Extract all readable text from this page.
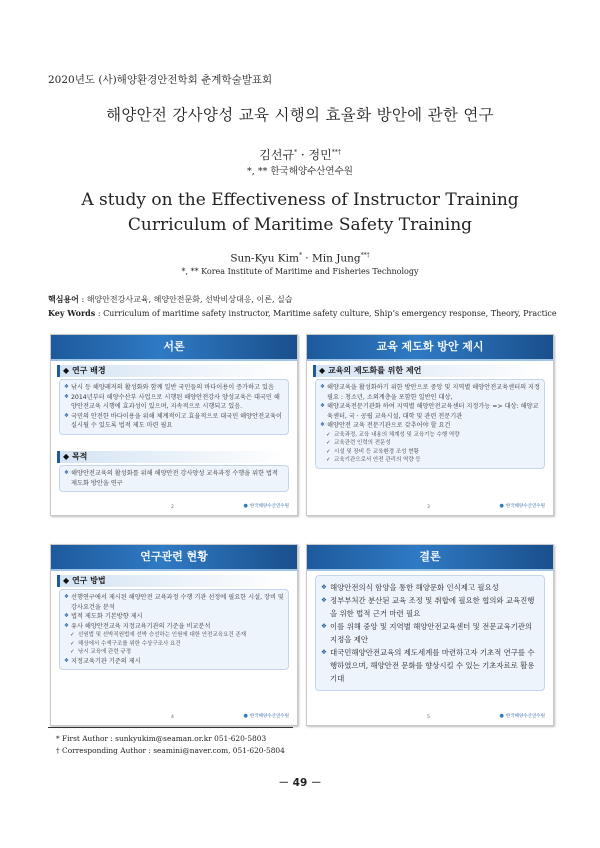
2020년도 (사)해양환경안전학회 춘계학술발표회
해양안전 강사양성 교육 시행의 효율화 방안에 관한 연구
김선규* · 정민**†
*, ** 한국해양수산연수원
A study on the Effectiveness of Instructor Training Curriculum of Maritime Safety Training
Sun-Kyu Kim* · Min Jung**†
*, ** Korea Institute of Maritime and Fisheries Technology
핵심용어 : 해양안전강사교육, 해양안전문화, 선박비상대응, 이론, 실습
Key Words : Curriculum of maritime safety instructor, Maritime safety culture, Ship’s emergency response, Theory, Practice
서론
◆ 연구 배경
❖ 낚시 등 해양레저의 활성화와 함께 일반 국민들의 바다이용이 증가하고 있음
❖ 2014년부터 해양수산부 사업으로 시행된 해양안전강사 양성교육은 대국민 해양안전교육 시행에 효과성이 있으며, 지속적으로 시행되고 있음.
❖ 국민의 안전한 바다이용을 위해 체계적이고 효율적으로 대국민 해양안전교육이 실시될 수 있도록 법적 제도 마련 필요
◆ 목적
❖ 해양안전교육의 활성화를 위해 해양안전 강사양성 교육과정 수행을 위한 법적 제도화 방안을 연구
2	● 한국해양수산연수원
교육 제도화 방안 제시
◆ 교육의 제도화를 위한 제언
❖ 해양교육을 활성화하기 위한 방안으로 중앙 및 지역별 해양안전교육센터의 지정 필요 : 청소년, 소외계층을 포함한 일반인 대상,
❖ 해양교육전문기관화 하여 지역별 해양안전교육센터 지정가능 => 대상: 해양교육센터, 국 · 공립 교육시설, 대학 및 관련 전문기관
❖ 해양안전 교육 전문기관으로 갖추어야 할 요건
✓ 교육과정, 교육 내용의 체계성 및 교육기능 수행 역량
✓ 교육관련 인력의 전문성
✓ 시설 및 장비 등 교육환경 조성 현황
✓ 교육기관으로서 안전 관리의 역량 등
3	● 한국해양수산연수원
연구관련 현황
◆ 연구 방법
❖ 선행연구에서 제시된 해양안전 교육과정 수행 기관 선정에 필요한 시설, 장비 및 강사요건을 분석
❖ 법적 제도화 기본방향 제시
❖ 유사 해양안전교육 지정교육기관의 기준을 비교분석
✓ 선원법 및 선박직원법에 선박 승선하는 인원에 대한 안전교육요건 존재
✓ 해상에서 수색구조를 위한 수상구조사 요건
✓ 낚시 교육에 관련 규정
❖ 지정교육기관 기준의 제시
4	● 한국해양수산연수원
결론
❖ 해양안전의식 함양을 통한 해양문화 인식제고 필요성
❖ 정부부처간 분산된 교육 조정 및 취합에 필요한 협의와 교육진행을 위한 법적 근거 마련 필요
❖ 이를 위해 중앙 및 지역별 해양안전교육센터 및 전문교육기관의 지정을 제안
❖ 대국민해양안전교육의 제도세계를 마련하고자 기초적 연구를 수행하였으며, 해양안전 문화를 향상시킬 수 있는 기초자료로 활용 기대
5	● 한국해양수산연수원
* First Author : sunkyukim@seaman.or.kr 051-620-5803
† Corresponding Author : seamini@naver.com, 051-620-5804
－ 49 －
